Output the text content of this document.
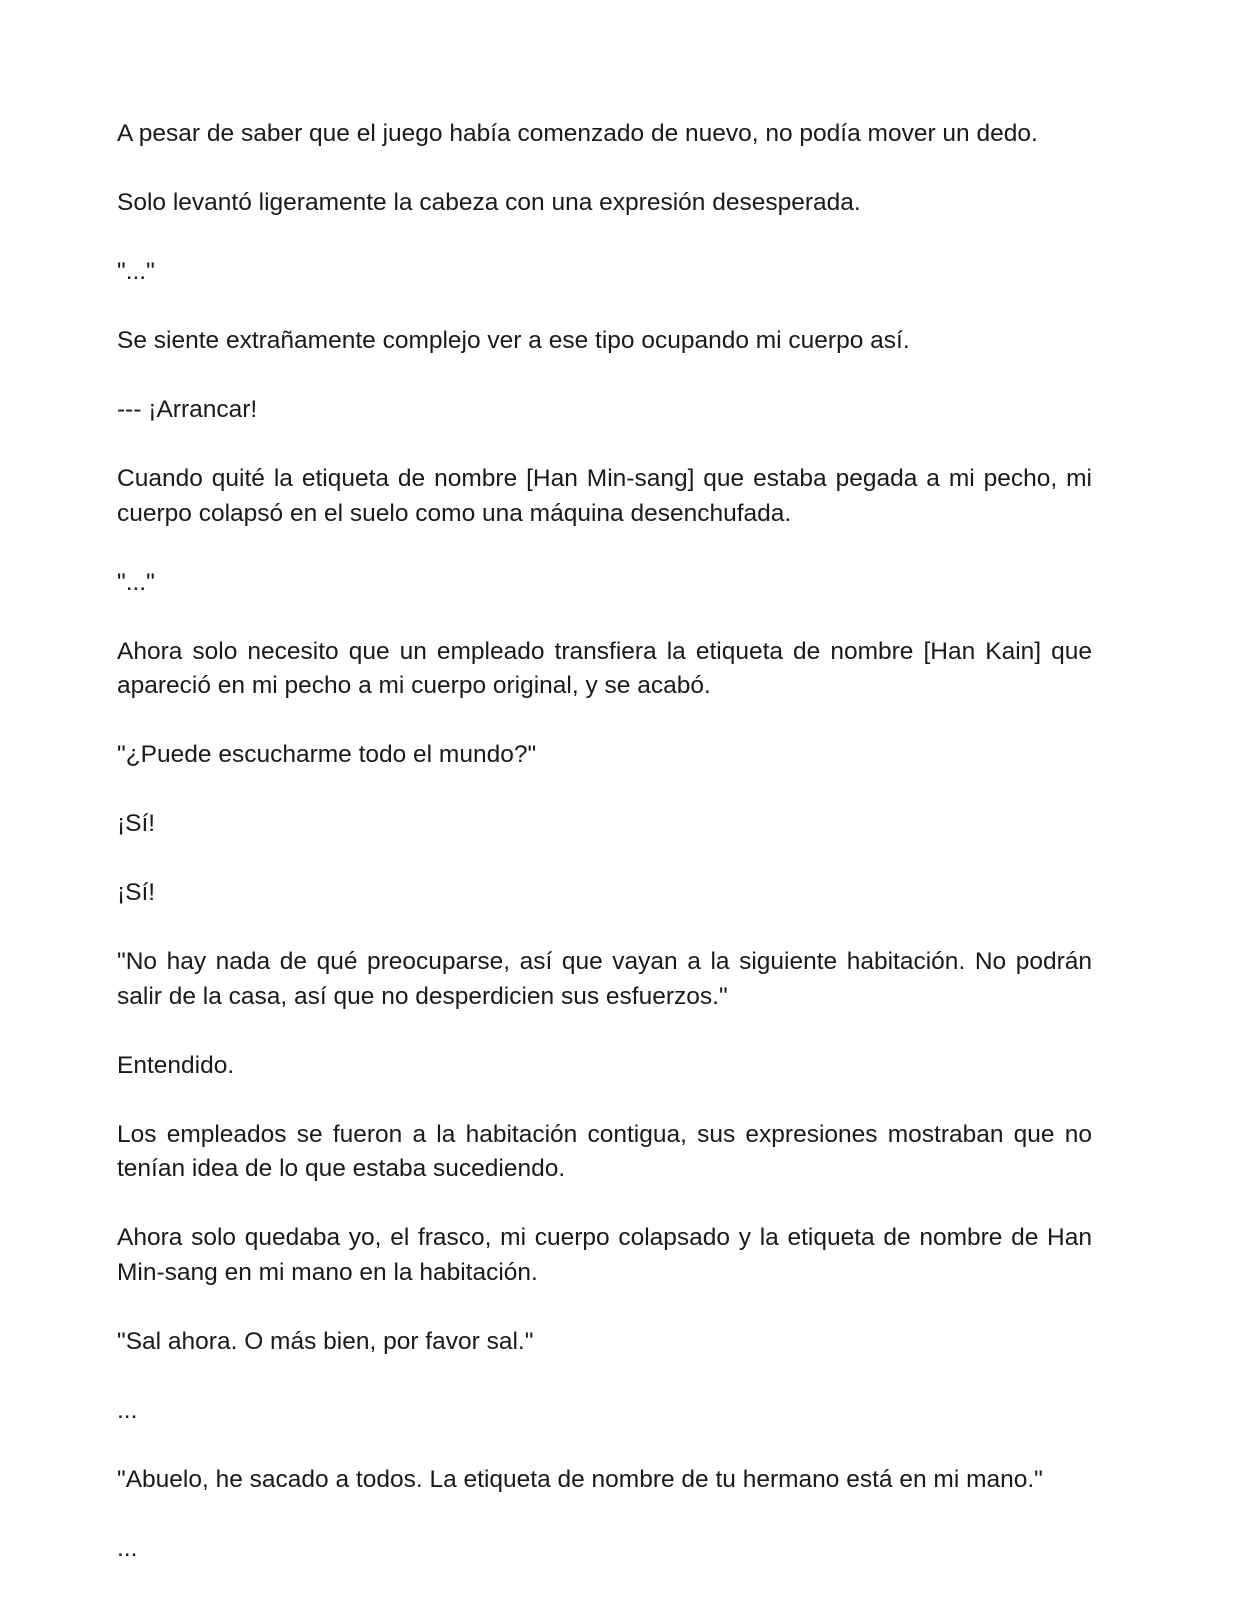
A pesar de saber que el juego había comenzado de nuevo, no podía mover un dedo.

Solo levantó ligeramente la cabeza con una expresión desesperada.

"..."

Se siente extrañamente complejo ver a ese tipo ocupando mi cuerpo así.

--- ¡Arrancar!

Cuando quité la etiqueta de nombre [Han Min-sang] que estaba pegada a mi pecho, mi cuerpo colapsó en el suelo como una máquina desenchufada.

"..."

Ahora solo necesito que un empleado transfiera la etiqueta de nombre [Han Kain] que apareció en mi pecho a mi cuerpo original, y se acabó.

"¿Puede escucharme todo el mundo?"

¡Sí!

¡Sí!

"No hay nada de qué preocuparse, así que vayan a la siguiente habitación. No podrán salir de la casa, así que no desperdicien sus esfuerzos."

Entendido.

Los empleados se fueron a la habitación contigua, sus expresiones mostraban que no tenían idea de lo que estaba sucediendo.

Ahora solo quedaba yo, el frasco, mi cuerpo colapsado y la etiqueta de nombre de Han Min-sang en mi mano en la habitación.

"Sal ahora. O más bien, por favor sal."

...

"Abuelo, he sacado a todos. La etiqueta de nombre de tu hermano está en mi mano."

...
